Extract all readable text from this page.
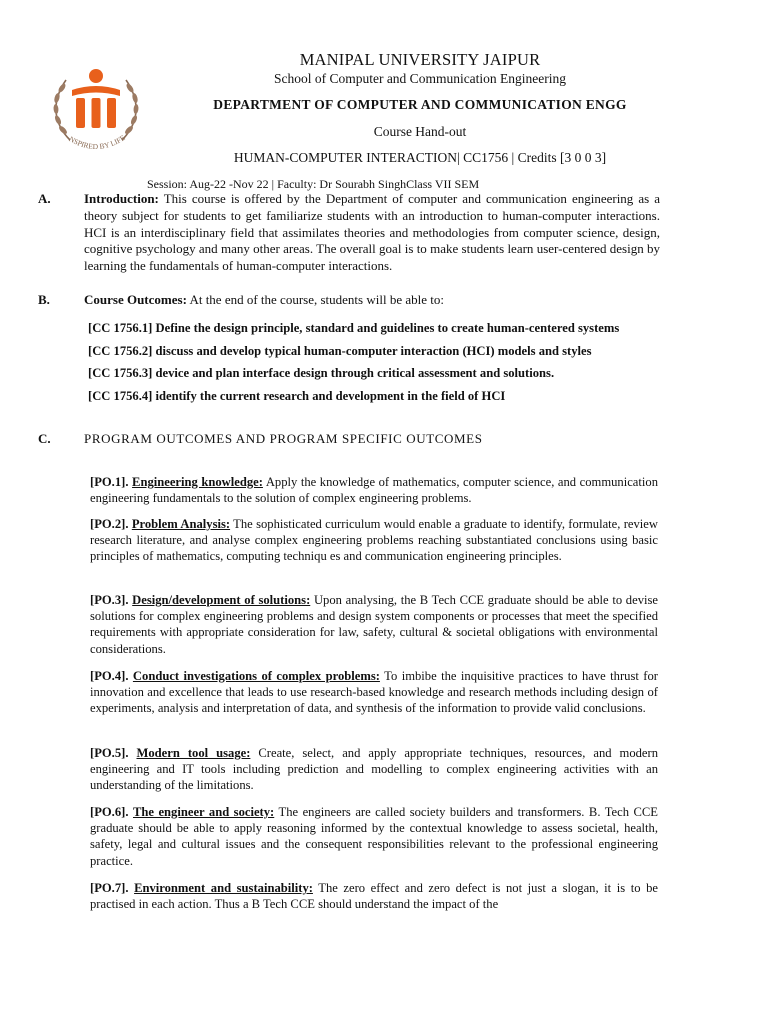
NSPIRED BY LIFE
MANIPAL UNIVERSITY JAIPUR
School of Computer and Communication Engineering
DEPARTMENT OF COMPUTER AND COMMUNICATION ENGG
Course Hand-out
HUMAN-COMPUTER INTERACTION| CC1756 | Credits [3 0 0 3]
Session: Aug-22 -Nov 22 | Faculty: Dr Sourabh SinghClass VII SEM
A.	Introduction: This course is offered by the Department of computer and communication engineering as a theory subject for students to get familiarize students with an introduction to human-computer interactions. HCI is an interdisciplinary field that assimilates theories and methodologies from computer science, design, cognitive psychology and many other areas. The overall goal is to make students learn user-centered design by learning the fundamentals of human-computer interactions.
B.	Course Outcomes: At the end of the course, students will be able to:
[CC 1756.1] Define the design principle, standard and guidelines to create human-centered systems
[CC 1756.2] discuss and develop typical human-computer interaction (HCI) models and styles
[CC 1756.3] device and plan interface design through critical assessment and solutions.
[CC 1756.4] identify the current research and development in the field of HCI
C.	PROGRAM OUTCOMES AND PROGRAM SPECIFIC OUTCOMES
[PO.1]. Engineering knowledge: Apply the knowledge of mathematics, computer science, and communication engineering fundamentals to the solution of complex engineering problems.
[PO.2]. Problem Analysis: The sophisticated curriculum would enable a graduate to identify, formulate, review research literature, and analyse complex engineering problems reaching substantiated conclusions using basic principles of mathematics, computing techniqu es and communication engineering principles.
[PO.3]. Design/development of solutions: Upon analysing, the B Tech CCE graduate should be able to devise solutions for complex engineering problems and design system components or processes that meet the specified requirements with appropriate consideration for law, safety, cultural & societal obligations with environmental considerations.
[PO.4]. Conduct investigations of complex problems: To imbibe the inquisitive practices to have thrust for innovation and excellence that leads to use research-based knowledge and research methods including design of experiments, analysis and interpretation of data, and synthesis of the information to provide valid conclusions.
[PO.5]. Modern tool usage: Create, select, and apply appropriate techniques, resources, and modern engineering and IT tools including prediction and modelling to complex engineering activities with an understanding of the limitations.
[PO.6]. The engineer and society: The engineers are called society builders and transformers. B. Tech CCE graduate should be able to apply reasoning informed by the contextual knowledge to assess societal, health, safety, legal and cultural issues and the consequent responsibilities relevant to the professional engineering practice.
[PO.7]. Environment and sustainability: The zero effect and zero defect is not just a slogan, it is to be practised in each action. Thus a B Tech CCE should understand the impact of the
